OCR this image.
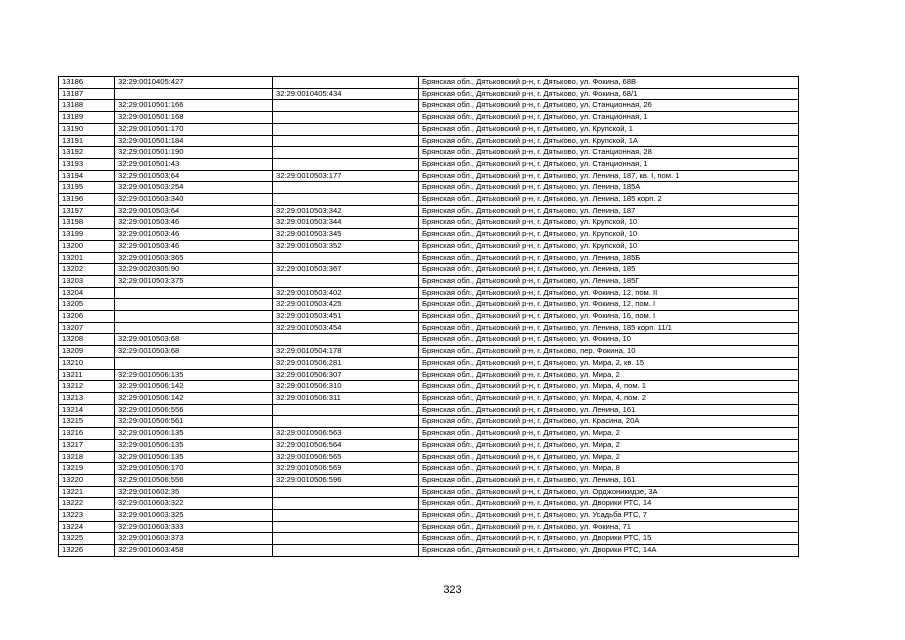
13186	32:29:0010405:427		Брянская обл., Дятьковский р-н, г. Дятьково, ул. Фокина, 68В
13187		32:29:0010405:434	Брянская обл., Дятьковский р-н, г. Дятьково, ул. Фокина, 68/1
13188	32:29:0010501:166		Брянская обл., Дятьковский р-н, г. Дятьково, ул. Станционная, 26
13189	32:29:0010501:168		Брянская обл., Дятьковский р-н, г. Дятьково, ул. Станционная, 1
13190	32:29:0010501:170		Брянская обл., Дятьковский р-н, г. Дятьково, ул. Крупской, 1
13191	32:29:0010501:184		Брянская обл., Дятьковский р-н, г. Дятьково, ул. Крупской, 1А
13192	32:29:0010501:190		Брянская обл., Дятьковский р-н, г. Дятьково, ул. Станционная, 28
13193	32:29:0010501:43		Брянская обл., Дятьковский р-н, г. Дятьково, ул. Станционная, 1
13194	32:29:0010503:64	32:29:0010503:177	Брянская обл., Дятьковский р-н, г. Дятьково, ул. Ленина, 187, кв. I, пом. 1
13195	32:29:0010503:254		Брянская обл., Дятьковский р-н, г. Дятьково, ул. Ленина, 185А
13196	32:29:0010503:340		Брянская обл., Дятьковский р-н, г. Дятьково, ул. Ленина, 185 корп. 2
13197	32:29:0010503:64	32:29:0010503:342	Брянская обл., Дятьковский р-н, г. Дятьково, ул. Ленина, 187
13198	32:29:0010503:46	32:29:0010503:344	Брянская обл., Дятьковский р-н, г. Дятьково, ул. Крупской, 10
13199	32:29:0010503:46	32:29:0010503:345	Брянская обл., Дятьковский р-н, г. Дятьково, ул. Крупской, 10
13200	32:29:0010503:46	32:29:0010503:352	Брянская обл., Дятьковский р-н, г. Дятьково, ул. Крупской, 10
13201	32:29:0010503:365		Брянская обл., Дятьковский р-н, г. Дятьково, ул. Ленина, 185Б
13202	32:29:0020305:90	32:29:0010503:367	Брянская обл., Дятьковский р-н, г. Дятьково, ул. Ленина, 185
13203	32:29:0010503:375		Брянская обл., Дятьковский р-н, г. Дятьково, ул. Ленина, 185Г
13204		32:29:0010503:402	Брянская обл., Дятьковский р-н, г. Дятьково, ул. Фокина, 12, пом. II
13205		32:29:0010503:425	Брянская обл., Дятьковский р-н, г. Дятьково, ул. Фокина, 12, пом. I
13206		32:29:0010503:451	Брянская обл., Дятьковский р-н, г. Дятьково, ул. Фокина, 16, пом. I
13207		32:29:0010503:454	Брянская обл., Дятьковский р-н, г. Дятьково, ул. Ленина, 185 корп. 11/1
13208	32:29:0010503:68		Брянская обл., Дятьковский р-н, г. Дятьково, ул. Фокина, 10
13209	32:29:0010503:68	32:29:0010504:178	Брянская обл., Дятьковский р-н, г. Дятьково, пер. Фокина, 10
13210		32:29:0010506:281	Брянская обл., Дятьковский р-н, г. Дятьково, ул. Мира, 2, кв. 15
13211	32:29:0010506:135	32:29:0010506:307	Брянская обл., Дятьковский р-н, г. Дятьково, ул. Мира, 2
13212	32:29:0010506:142	32:29:0010506:310	Брянская обл., Дятьковский р-н, г. Дятьково, ул. Мира, 4, пом. 1
13213	32:29:0010506:142	32:29:0010506:311	Брянская обл., Дятьковский р-н, г. Дятьково, ул. Мира, 4, пом. 2
13214	32:29:0010506:556		Брянская обл., Дятьковский р-н, г. Дятьково, ул. Ленина, 161
13215	32:29:0010506:561		Брянская обл., Дятьковский р-н, г. Дятьково, ул. Красина, 20А
13216	32:29:0010506:135	32:29:0010506:563	Брянская обл., Дятьковский р-н, г. Дятьково, ул. Мира, 2
13217	32:29:0010506:135	32:29:0010506:564	Брянская обл., Дятьковский р-н, г. Дятьково, ул. Мира, 2
13218	32:29:0010506:135	32:29:0010506:565	Брянская обл., Дятьковский р-н, г. Дятьково, ул. Мира, 2
13219	32:29:0010506:170	32:29:0010506:569	Брянская обл., Дятьковский р-н, г. Дятьково, ул. Мира, 8
13220	32:29:0010506:556	32:29:0010506:596	Брянская обл., Дятьковский р-н, г. Дятьково, ул. Ленина, 161
13221	32:29:0010602:35		Брянская обл., Дятьковский р-н, г. Дятьково, ул. Орджоникидзе, 3А
13222	32:29:0010603:322		Брянская обл., Дятьковский р-н, г. Дятьково, ул. Дворики РТС, 14
13223	32:29:0010603:325		Брянская обл., Дятьковский р-н, г. Дятьково, ул. Усадьба РТС, 7
13224	32:29:0010603:333		Брянская обл., Дятьковский р-н, г. Дятьково, ул. Фокина, 71
13225	32:29:0010603:373		Брянская обл., Дятьковский р-н, г. Дятьково, ул. Дворики РТС, 15
13226	32:29:0010603:458		Брянская обл., Дятьковский р-н, г. Дятьково, ул. Дворики РТС, 14А
323
